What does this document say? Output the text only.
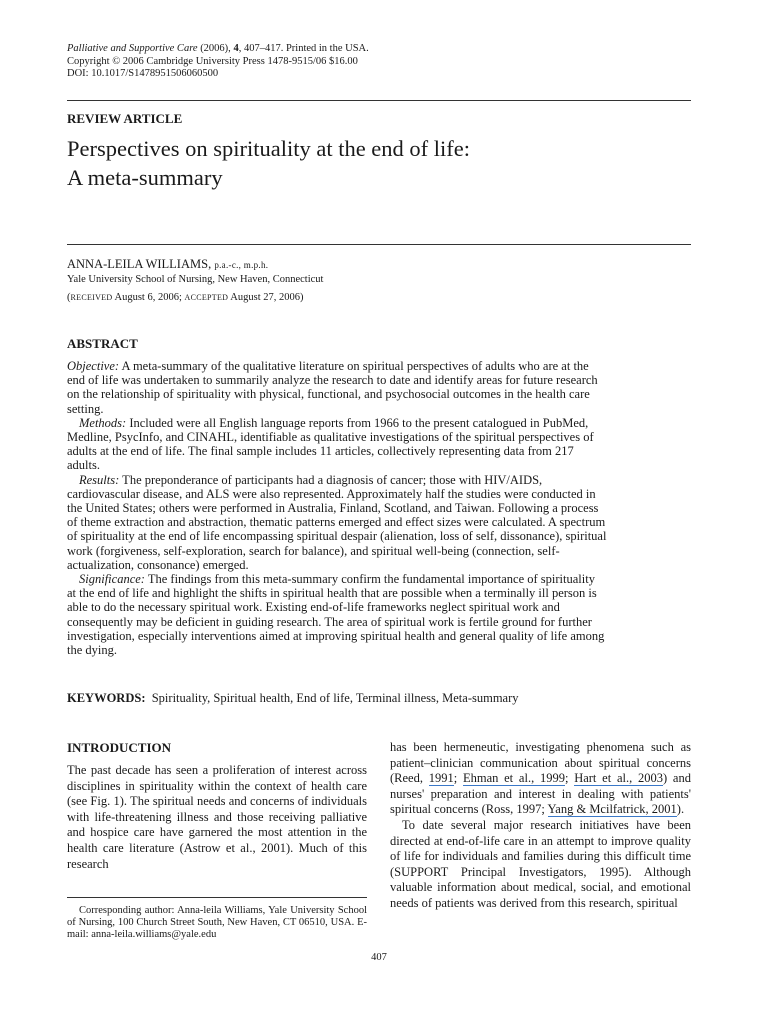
Palliative and Supportive Care (2006), 4, 407–417. Printed in the USA.
Copyright © 2006 Cambridge University Press 1478-9515/06 $16.00
DOI: 10.1017/S1478951506060500
REVIEW ARTICLE
Perspectives on spirituality at the end of life:
A meta-summary
ANNA-LEILA WILLIAMS, p.a.-c., m.p.h.
Yale University School of Nursing, New Haven, Connecticut
(RECEIVED August 6, 2006; ACCEPTED August 27, 2006)
ABSTRACT

Objective: A meta-summary of the qualitative literature on spiritual perspectives of adults who are at the end of life was undertaken to summarily analyze the research to date and identify areas for future research on the relationship of spirituality with physical, functional, and psychosocial outcomes in the health care setting.

Methods: Included were all English language reports from 1966 to the present catalogued in PubMed, Medline, PsycInfo, and CINAHL, identifiable as qualitative investigations of the spiritual perspectives of adults at the end of life. The final sample includes 11 articles, collectively representing data from 217 adults.

Results: The preponderance of participants had a diagnosis of cancer; those with HIV/AIDS, cardiovascular disease, and ALS were also represented. Approximately half the studies were conducted in the United States; others were performed in Australia, Finland, Scotland, and Taiwan. Following a process of theme extraction and abstraction, thematic patterns emerged and effect sizes were calculated. A spectrum of spirituality at the end of life encompassing spiritual despair (alienation, loss of self, dissonance), spiritual work (forgiveness, self-exploration, search for balance), and spiritual well-being (connection, self-actualization, consonance) emerged.

Significance: The findings from this meta-summary confirm the fundamental importance of spirituality at the end of life and highlight the shifts in spiritual health that are possible when a terminally ill person is able to do the necessary spiritual work. Existing end-of-life frameworks neglect spiritual work and consequently may be deficient in guiding research. The area of spiritual work is fertile ground for further investigation, especially interventions aimed at improving spiritual health and general quality of life among the dying.

KEYWORDS: Spirituality, Spiritual health, End of life, Terminal illness, Meta-summary
INTRODUCTION

The past decade has seen a proliferation of interest across disciplines in spirituality within the context of health care (see Fig. 1). The spiritual needs and concerns of individuals with life-threatening illness and those receiving palliative and hospice care have garnered the most attention in the health care literature (Astrow et al., 2001). Much of this research

has been hermeneutic, investigating phenomena such as patient–clinician communication about spiritual concerns (Reed, 1991; Ehman et al., 1999; Hart et al., 2003) and nurses' preparation and interest in dealing with patients' spiritual concerns (Ross, 1997; Yang & Mcilfatrick, 2001).

To date several major research initiatives have been directed at end-of-life care in an attempt to improve quality of life for individuals and families during this difficult time (SUPPORT Principal Investigators, 1995). Although valuable information about medical, social, and emotional needs of patients was derived from this research, spiritual

Corresponding author: Anna-leila Williams, Yale University School of Nursing, 100 Church Street South, New Haven, CT 06510, USA. E-mail: anna-leila.williams@yale.edu
407
